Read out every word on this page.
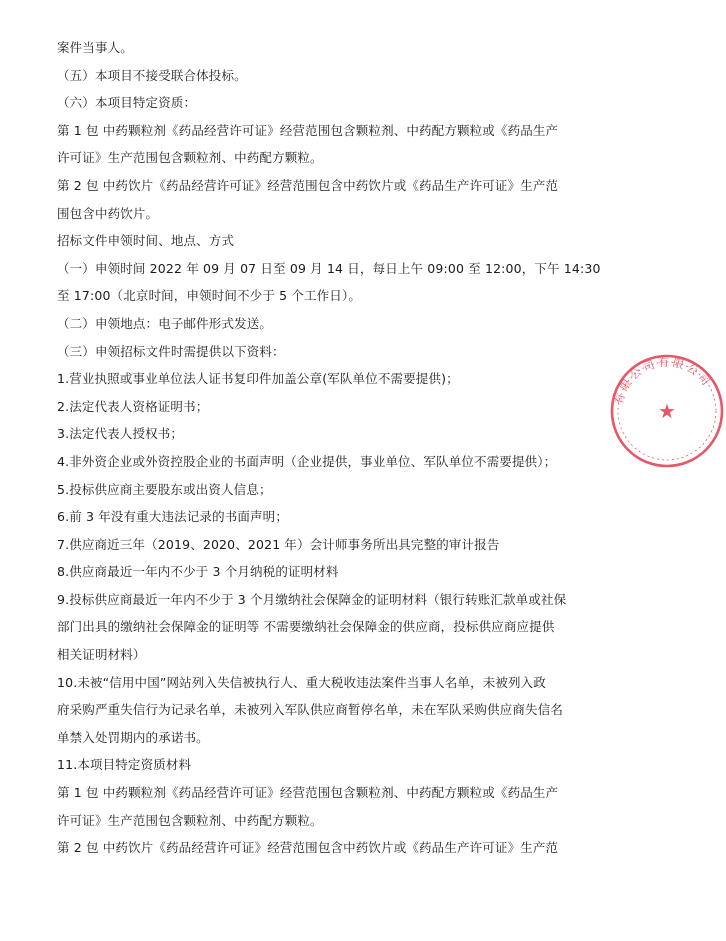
案件当事人。
（五）本项目不接受联合体投标。
（六）本项目特定资质：
第 1 包 中药颗粒剂《药品经营许可证》经营范围包含颗粒剂、中药配方颗粒或《药品生产
许可证》生产范围包含颗粒剂、中药配方颗粒。
第 2 包 中药饮片《药品经营许可证》经营范围包含中药饮片或《药品生产许可证》生产范
围包含中药饮片。
招标文件申领时间、地点、方式
（一）申领时间 2022 年 09 月 07 日至 09 月 14 日，每日上午 09:00 至 12:00，下午 14:30
至 17:00（北京时间，申领时间不少于 5 个工作日）。
（二）申领地点：电子邮件形式发送。
（三）申领招标文件时需提供以下资料：
1.营业执照或事业单位法人证书复印件加盖公章(军队单位不需要提供)；
2.法定代表人资格证明书；
3.法定代表人授权书；
4.非外资企业或外资控股企业的书面声明（企业提供，事业单位、军队单位不需要提供）；
5.投标供应商主要股东或出资人信息；
6.前 3 年没有重大违法记录的书面声明；
7.供应商近三年（2019、2020、2021 年）会计师事务所出具完整的审计报告
8.供应商最近一年内不少于 3 个月纳税的证明材料
9.投标供应商最近一年内不少于 3 个月缴纳社会保障金的证明材料（银行转账汇款单或社保
部门出具的缴纳社会保障金的证明等 不需要缴纳社会保障金的供应商，投标供应商应提供
相关证明材料）
10.未被“信用中国”网站列入失信被执行人、重大税收违法案件当事人名单，未被列入政
府采购严重失信行为记录名单，未被列入军队供应商暂停名单，未在军队采购供应商失信名
单禁入处罚期内的承诺书。
11.本项目特定资质材料
第 1 包 中药颗粒剂《药品经营许可证》经营范围包含颗粒剂、中药配方颗粒或《药品生产
许可证》生产范围包含颗粒剂、中药配方颗粒。
第 2 包 中药饮片《药品经营许可证》经营范围包含中药饮片或《药品生产许可证》生产范
有限公司有限公司
★
